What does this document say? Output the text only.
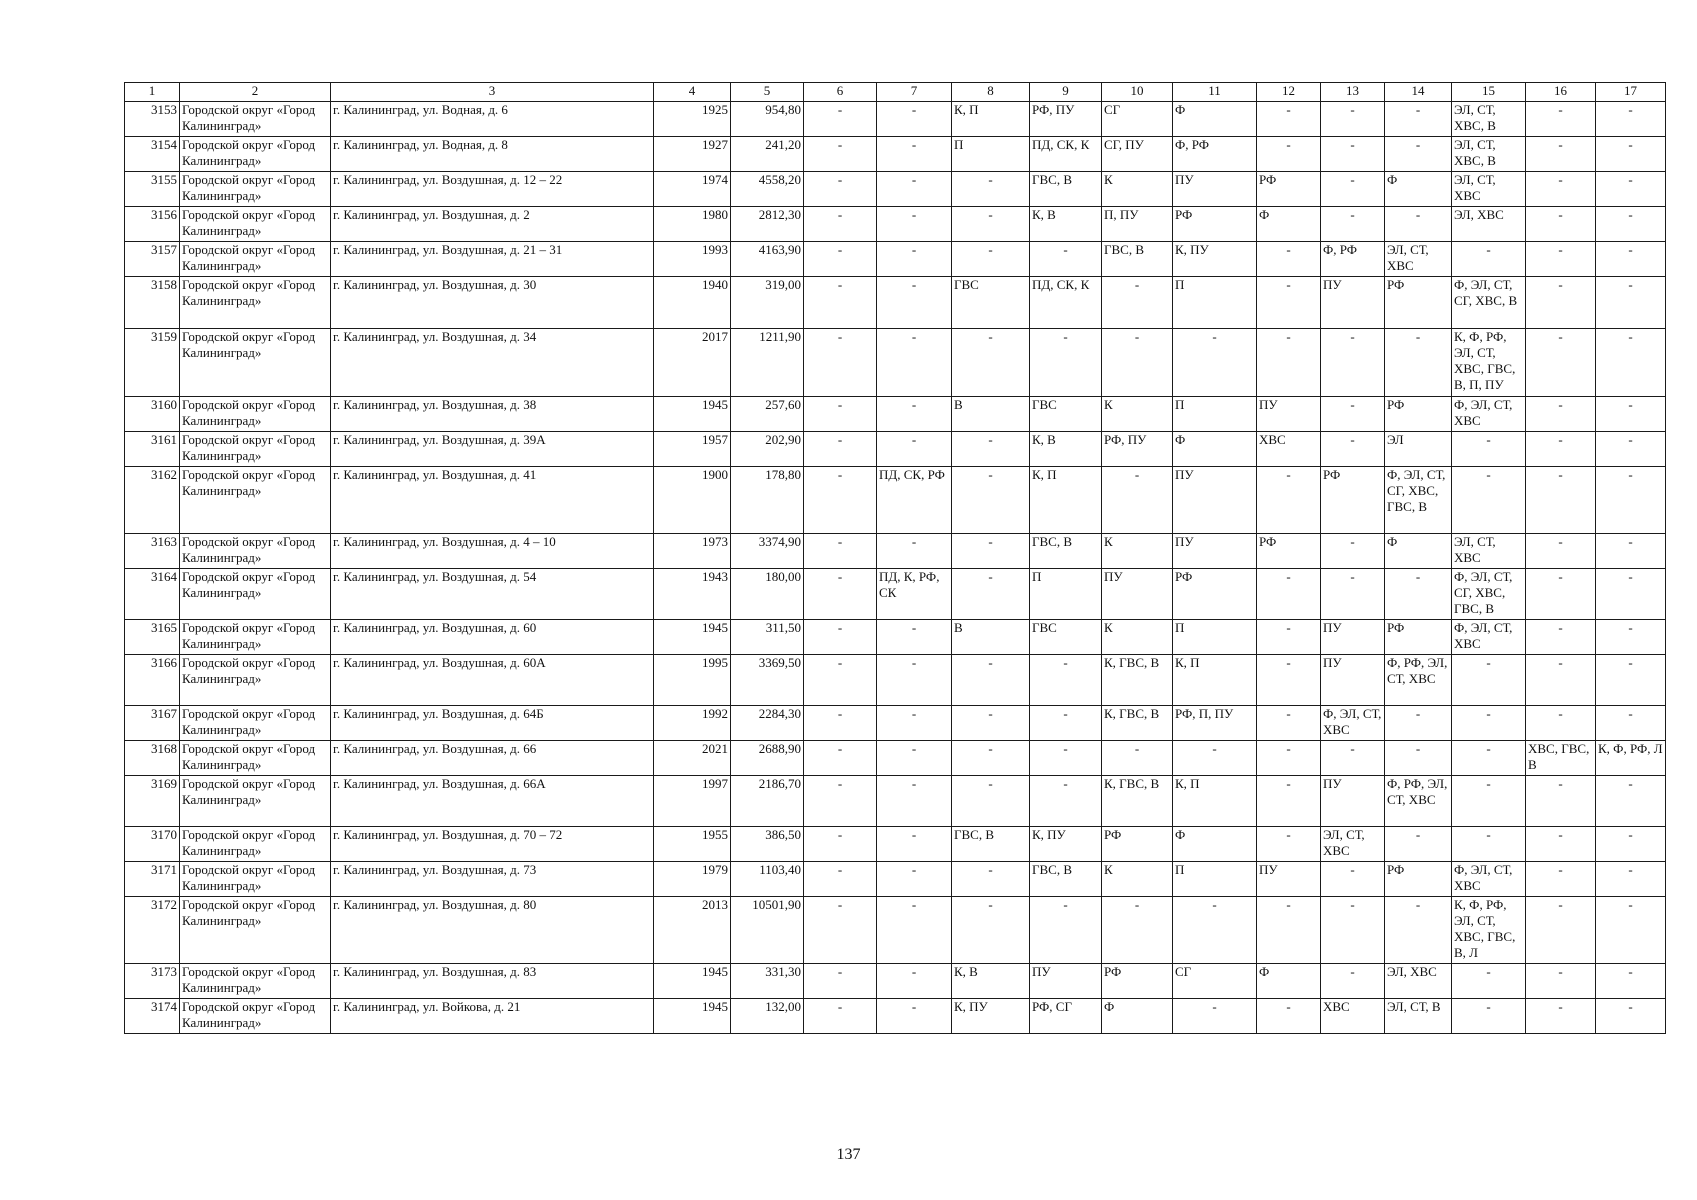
1	2	3	4	5	6	7	8	9	10	11	12	13	14	15	16	17
3153	Городской округ «Город Калининград»	г. Калининград, ул. Водная, д. 6	1925	954,80	-	-	К, П	РФ, ПУ	СГ	Ф	-	-	-	ЭЛ, СТ, ХВС, В	-	-
3154	Городской округ «Город Калининград»	г. Калининград, ул. Водная, д. 8	1927	241,20	-	-	П	ПД, СК, К	СГ, ПУ	Ф, РФ	-	-	-	ЭЛ, СТ, ХВС, В	-	-
3155	Городской округ «Город Калининград»	г. Калининград, ул. Воздушная, д. 12 – 22	1974	4558,20	-	-	-	ГВС, В	К	ПУ	РФ	-	Ф	ЭЛ, СТ, ХВС	-	-
3156	Городской округ «Город Калининград»	г. Калининград, ул. Воздушная, д. 2	1980	2812,30	-	-	-	К, В	П, ПУ	РФ	Ф	-	-	ЭЛ, ХВС	-	-
3157	Городской округ «Город Калининград»	г. Калининград, ул. Воздушная, д. 21 – 31	1993	4163,90	-	-	-	-	ГВС, В	К, ПУ	-	Ф, РФ	ЭЛ, СТ, ХВС	-	-	-
3158	Городской округ «Город Калининград»	г. Калининград, ул. Воздушная, д. 30	1940	319,00	-	-	ГВС	ПД, СК, К	-	П	-	ПУ	РФ	Ф, ЭЛ, СТ, СГ, ХВС, В	-	-
3159	Городской округ «Город Калининград»	г. Калининград, ул. Воздушная, д. 34	2017	1211,90	-	-	-	-	-	-	-	-	-	К, Ф, РФ, ЭЛ, СТ, ХВС, ГВС, В, П, ПУ	-	-
3160	Городской округ «Город Калининград»	г. Калининград, ул. Воздушная, д. 38	1945	257,60	-	-	В	ГВС	К	П	ПУ	-	РФ	Ф, ЭЛ, СТ, ХВС	-	-
3161	Городской округ «Город Калининград»	г. Калининград, ул. Воздушная, д. 39А	1957	202,90	-	-	-	К, В	РФ, ПУ	Ф	ХВС	-	ЭЛ	-	-	-
3162	Городской округ «Город Калининград»	г. Калининград, ул. Воздушная, д. 41	1900	178,80	-	ПД, СК, РФ	-	К, П	-	ПУ	-	РФ	Ф, ЭЛ, СТ, СГ, ХВС, ГВС, В	-	-	-
3163	Городской округ «Город Калининград»	г. Калининград, ул. Воздушная, д. 4 – 10	1973	3374,90	-	-	-	ГВС, В	К	ПУ	РФ	-	Ф	ЭЛ, СТ, ХВС	-	-
3164	Городской округ «Город Калининград»	г. Калининград, ул. Воздушная, д. 54	1943	180,00	-	ПД, К, РФ, СК	-	П	ПУ	РФ	-	-	-	Ф, ЭЛ, СТ, СГ, ХВС, ГВС, В	-	-
3165	Городской округ «Город Калининград»	г. Калининград, ул. Воздушная, д. 60	1945	311,50	-	-	В	ГВС	К	П	-	ПУ	РФ	Ф, ЭЛ, СТ, ХВС	-	-
3166	Городской округ «Город Калининград»	г. Калининград, ул. Воздушная, д. 60А	1995	3369,50	-	-	-	-	К, ГВС, В	К, П	-	ПУ	Ф, РФ, ЭЛ, СТ, ХВС	-	-	-
3167	Городской округ «Город Калининград»	г. Калининград, ул. Воздушная, д. 64Б	1992	2284,30	-	-	-	-	К, ГВС, В	РФ, П, ПУ	-	Ф, ЭЛ, СТ, ХВС	-	-	-	-
3168	Городской округ «Город Калининград»	г. Калининград, ул. Воздушная, д. 66	2021	2688,90	-	-	-	-	-	-	-	-	-	-	ХВС, ГВС, В	К, Ф, РФ, Л
3169	Городской округ «Город Калининград»	г. Калининград, ул. Воздушная, д. 66А	1997	2186,70	-	-	-	-	К, ГВС, В	К, П	-	ПУ	Ф, РФ, ЭЛ, СТ, ХВС	-	-	-
3170	Городской округ «Город Калининград»	г. Калининград, ул. Воздушная, д. 70 – 72	1955	386,50	-	-	ГВС, В	К, ПУ	РФ	Ф	-	ЭЛ, СТ, ХВС	-	-	-	-
3171	Городской округ «Город Калининград»	г. Калининград, ул. Воздушная, д. 73	1979	1103,40	-	-	-	ГВС, В	К	П	ПУ	-	РФ	Ф, ЭЛ, СТ, ХВС	-	-
3172	Городской округ «Город Калининград»	г. Калининград, ул. Воздушная, д. 80	2013	10501,90	-	-	-	-	-	-	-	-	-	К, Ф, РФ, ЭЛ, СТ, ХВС, ГВС, В, Л	-	-
3173	Городской округ «Город Калининград»	г. Калининград, ул. Воздушная, д. 83	1945	331,30	-	-	К, В	ПУ	РФ	СГ	Ф	-	ЭЛ, ХВС	-	-	-
3174	Городской округ «Город Калининград»	г. Калининград, ул. Войкова, д. 21	1945	132,00	-	-	К, ПУ	РФ, СГ	Ф	-	-	ХВС	ЭЛ, СТ, В	-	-	-
137
